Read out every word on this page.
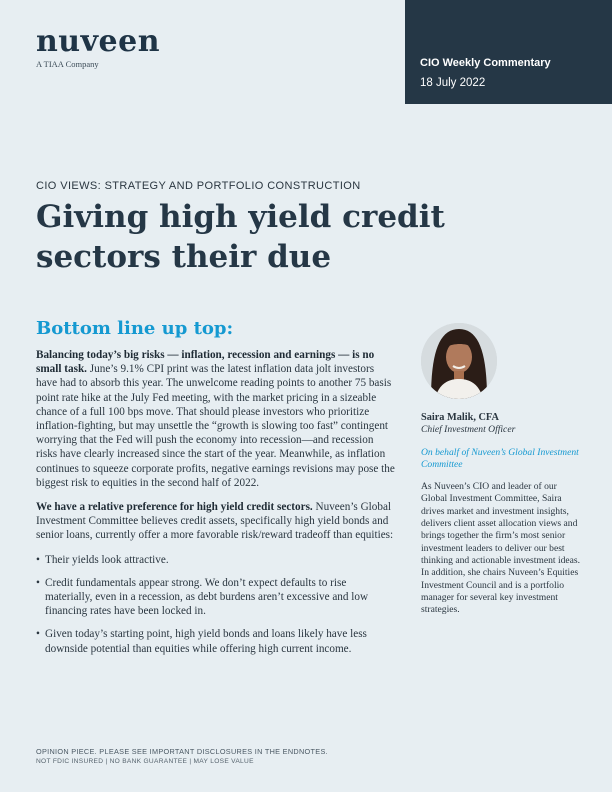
nuveen
A TIAA Company	CIO Weekly Commentary
18 July 2022
CIO VIEWS: STRATEGY AND PORTFOLIO CONSTRUCTION
Giving high yield credit sectors their due
Bottom line up top:

Balancing today’s big risks — inflation, recession and earnings — is no small task. June’s 9.1% CPI print was the latest inflation data jolt investors have had to absorb this year. The unwelcome reading points to another 75 basis point rate hike at the July Fed meeting, with the market pricing in a sizeable chance of a full 100 bps move. That should please investors who prioritize inflation-fighting, but may unsettle the “growth is slowing too fast” contingent worrying that the Fed will push the economy into recession—and recession risks have clearly increased since the start of the year. Meanwhile, as inflation continues to squeeze corporate profits, negative earnings revisions may pose the biggest risk to equities in the second half of 2022.

We have a relative preference for high yield credit sectors. Nuveen’s Global Investment Committee believes credit assets, specifically high yield bonds and senior loans, currently offer a more favorable risk/reward tradeoff than equities:

• Their yields look attractive.
• Credit fundamentals appear strong. We don’t expect defaults to rise materially, even in a recession, as debt burdens aren’t excessive and low financing rates have been locked in.
• Given today’s starting point, high yield bonds and loans likely have less downside potential than equities while offering high current income.
Saira Malik, CFA
Chief Investment Officer
On behalf of Nuveen’s Global Investment Committee
As Nuveen’s CIO and leader of our Global Investment Committee, Saira drives market and investment insights, delivers client asset allocation views and brings together the firm’s most senior investment leaders to deliver our best thinking and actionable investment ideas. In addition, she chairs Nuveen’s Equities Investment Council and is a portfolio manager for several key investment strategies.
OPINION PIECE. PLEASE SEE IMPORTANT DISCLOSURES IN THE ENDNOTES.
NOT FDIC INSURED | NO BANK GUARANTEE | MAY LOSE VALUE
